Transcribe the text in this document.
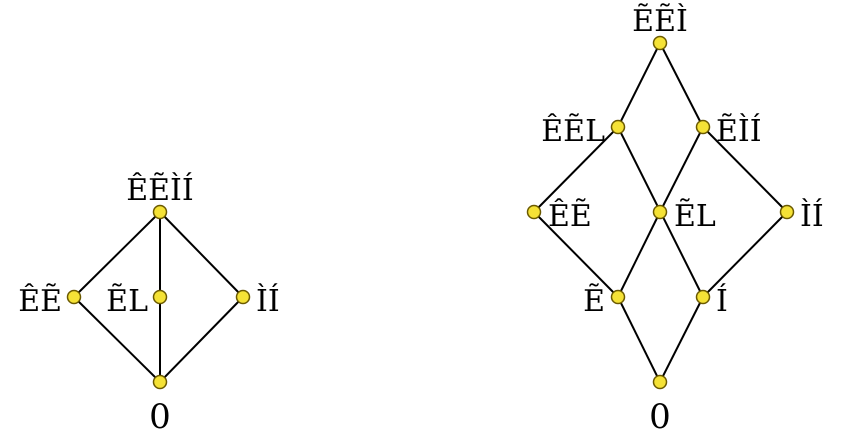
ÊẼÌÍ
ÊẼ ẼL	ÌÍ
0
ẼẼÌ
ÊẼL	ẼÌÍ
ÊẼ	ẼL	ÌÍ
Ẽ	Í
0
